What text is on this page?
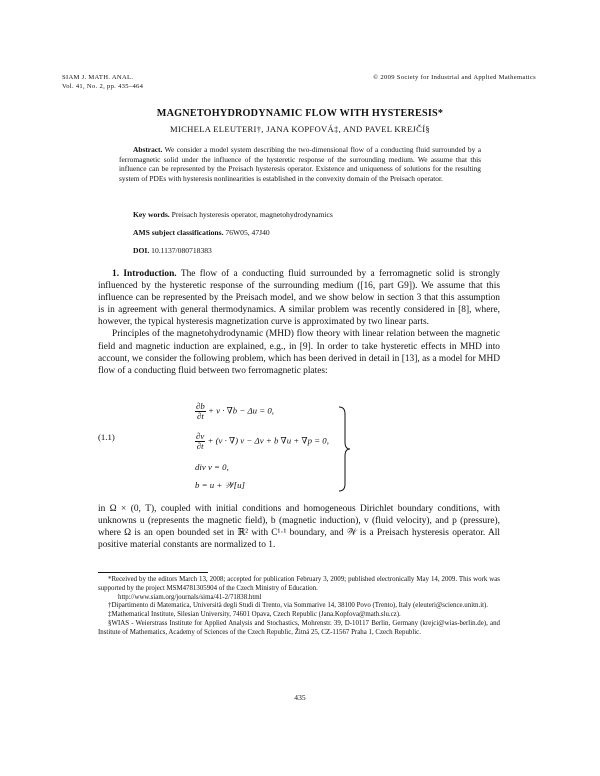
SIAM J. MATH. ANAL.
Vol. 41, No. 2, pp. 435–464
© 2009 Society for Industrial and Applied Mathematics
MAGNETOHYDRODYNAMIC FLOW WITH HYSTERESIS*
MICHELA ELEUTERI†, JANA KOPFOVÁ‡, AND PAVEL KREJČÍ§
Abstract. We consider a model system describing the two-dimensional flow of a conducting fluid surrounded by a ferromagnetic solid under the influence of the hysteretic response of the surrounding medium. We assume that this influence can be represented by the Preisach hysteresis operator. Existence and uniqueness of solutions for the resulting system of PDEs with hysteresis nonlinearities is established in the convexity domain of the Preisach operator.
Key words. Preisach hysteresis operator, magnetohydrodynamics
AMS subject classifications. 76W05, 47J40
DOI. 10.1137/080718383
1. Introduction. The flow of a conducting fluid surrounded by a ferromagnetic solid is strongly influenced by the hysteretic response of the surrounding medium ([16, part G9]). We assume that this influence can be represented by the Preisach model, and we show below in section 3 that this assumption is in agreement with general thermodynamics. A similar problem was recently considered in [8], where, however, the typical hysteresis magnetization curve is approximated by two linear parts.
Principles of the magnetohydrodynamic (MHD) flow theory with linear relation between the magnetic field and magnetic induction are explained, e.g., in [9]. In order to take hysteretic effects in MHD into account, we consider the following problem, which has been derived in detail in [13], as a model for MHD flow of a conducting fluid between two ferromagnetic plates:
(1.1)
$\frac{\partial b}{\partial t} + v \cdot \nabla b - \Delta u = 0$,
$\frac{\partial v}{\partial t} + (v$ · ∇) v − Δv + b ∇u + ∇p = 0,
div v = 0,
b = u + 𝒲[u]
in Ω × (0, T), coupled with initial conditions and homogeneous Dirichlet boundary conditions, with unknowns u (represents the magnetic field), b (magnetic induction), v (fluid velocity), and p (pressure), where Ω is an open bounded set in ℝ² with C¹·¹ boundary, and 𝒲 is a Preisach hysteresis operator. All positive material constants are normalized to 1.

*Received by the editors March 13, 2008; accepted for publication February 3, 2009; published electronically May 14, 2009. This work was supported by the project MSM4781305904 of the Czech Ministry of Education.

http://www.siam.org/journals/sima/41-2/71838.html

†Dipartimento di Matematica, Università degli Studi di Trento, via Sommarive 14, 38100 Povo (Trento), Italy (eleuteri@science.unitn.it).

‡Mathematical Institute, Silesian University, 74601 Opava, Czech Republic (Jana.Kopfova@math.slu.cz).

§WIAS - Weierstrass Institute for Applied Analysis and Stochastics, Mohrenstr. 39, D-10117 Berlin, Germany (krejci@wias-berlin.de), and Institute of Mathematics, Academy of Sciences of the Czech Republic, Žitná 25, CZ-11567 Praha 1, Czech Republic.

435
